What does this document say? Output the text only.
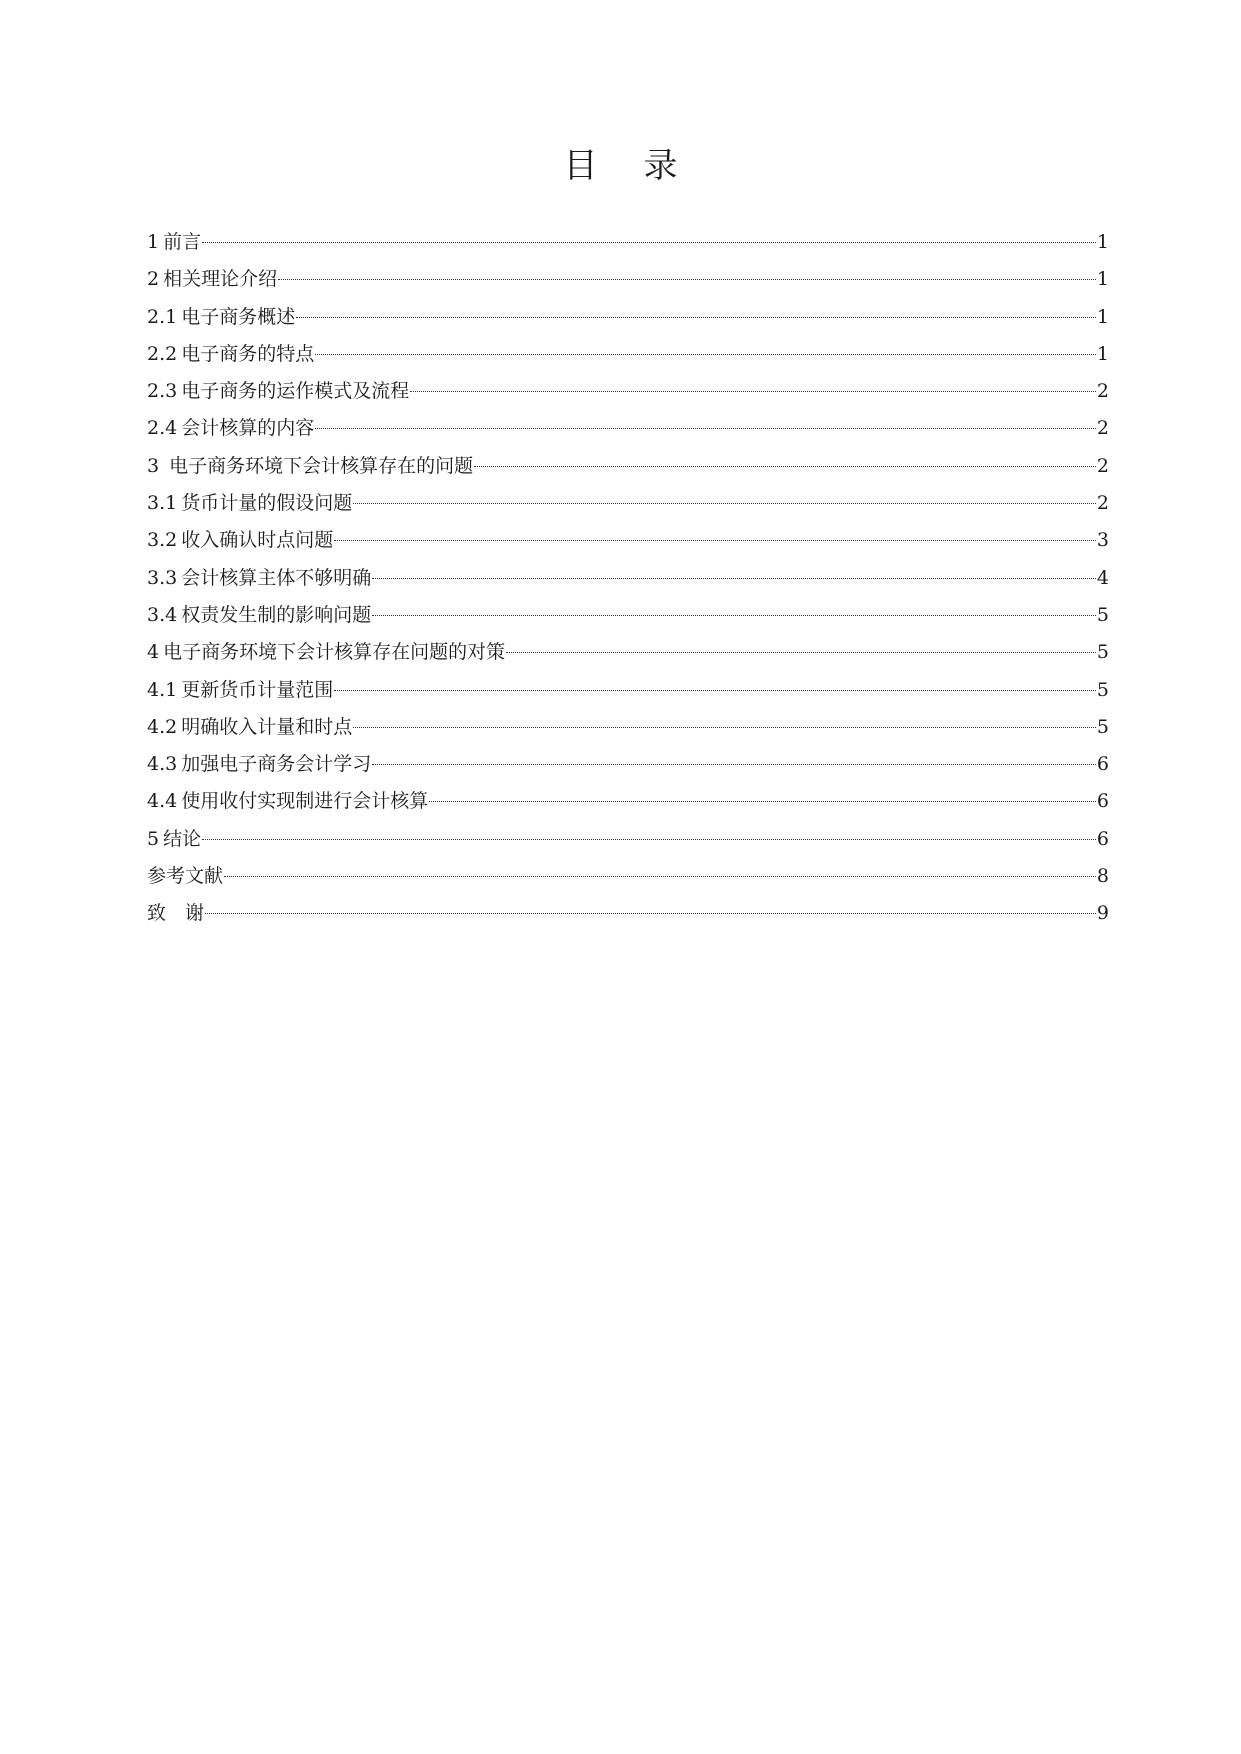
目 录
1 前言	1
2 相关理论介绍	1
2.1 电子商务概述	1
2.2 电子商务的特点	1
2.3 电子商务的运作模式及流程	2
2.4 会计核算的内容	2
3 电子商务环境下会计核算存在的问题	2
3.1 货币计量的假设问题	2
3.2 收入确认时点问题	3
3.3 会计核算主体不够明确	4
3.4 权责发生制的影响问题	5
4 电子商务环境下会计核算存在问题的对策	5
4.1 更新货币计量范围	5
4.2 明确收入计量和时点	5
4.3 加强电子商务会计学习	6
4.4 使用收付实现制进行会计核算	6
5 结论	6
参考文献	8
致　谢	9
